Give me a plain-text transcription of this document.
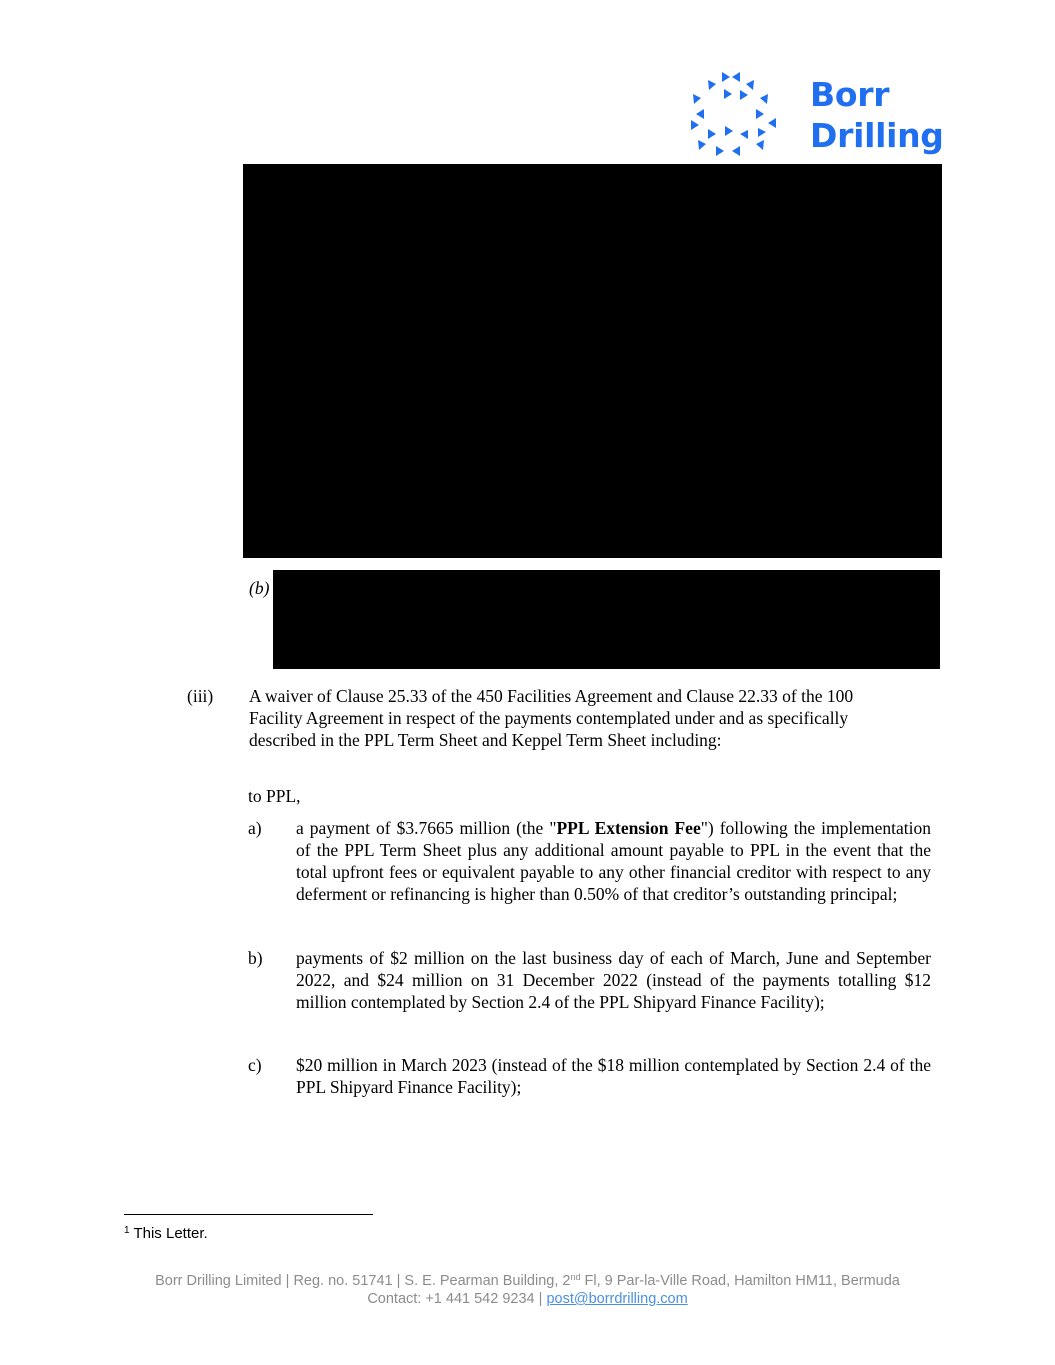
Borr
Drilling
(b)
(iii) A waiver of Clause 25.33 of the 450 Facilities Agreement and Clause 22.33 of the 100
Facility Agreement in respect of the payments contemplated under and as specifically
described in the PPL Term Sheet and Keppel Term Sheet including:
to PPL,
a) a payment of $3.7665 million (the "PPL Extension Fee") following the implementation of the PPL Term Sheet plus any additional amount payable to PPL in the event that the total upfront fees or equivalent payable to any other financial creditor with respect to any deferment or refinancing is higher than 0.50% of that creditor’s outstanding principal;
b) payments of $2 million on the last business day of each of March, June and September 2022, and $24 million on 31 December 2022 (instead of the payments totalling $12 million contemplated by Section 2.4 of the PPL Shipyard Finance Facility);
c) $20 million in March 2023 (instead of the $18 million contemplated by Section 2.4 of the PPL Shipyard Finance Facility);
$^1$ This Letter.
Borr Drilling Limited | Reg. no. 51741 | S. E. Pearman Building, 2nd Fl, 9 Par-la-Ville Road, Hamilton HM11, Bermuda
Contact: +1 441 542 9234 | post@borrdrilling.com
